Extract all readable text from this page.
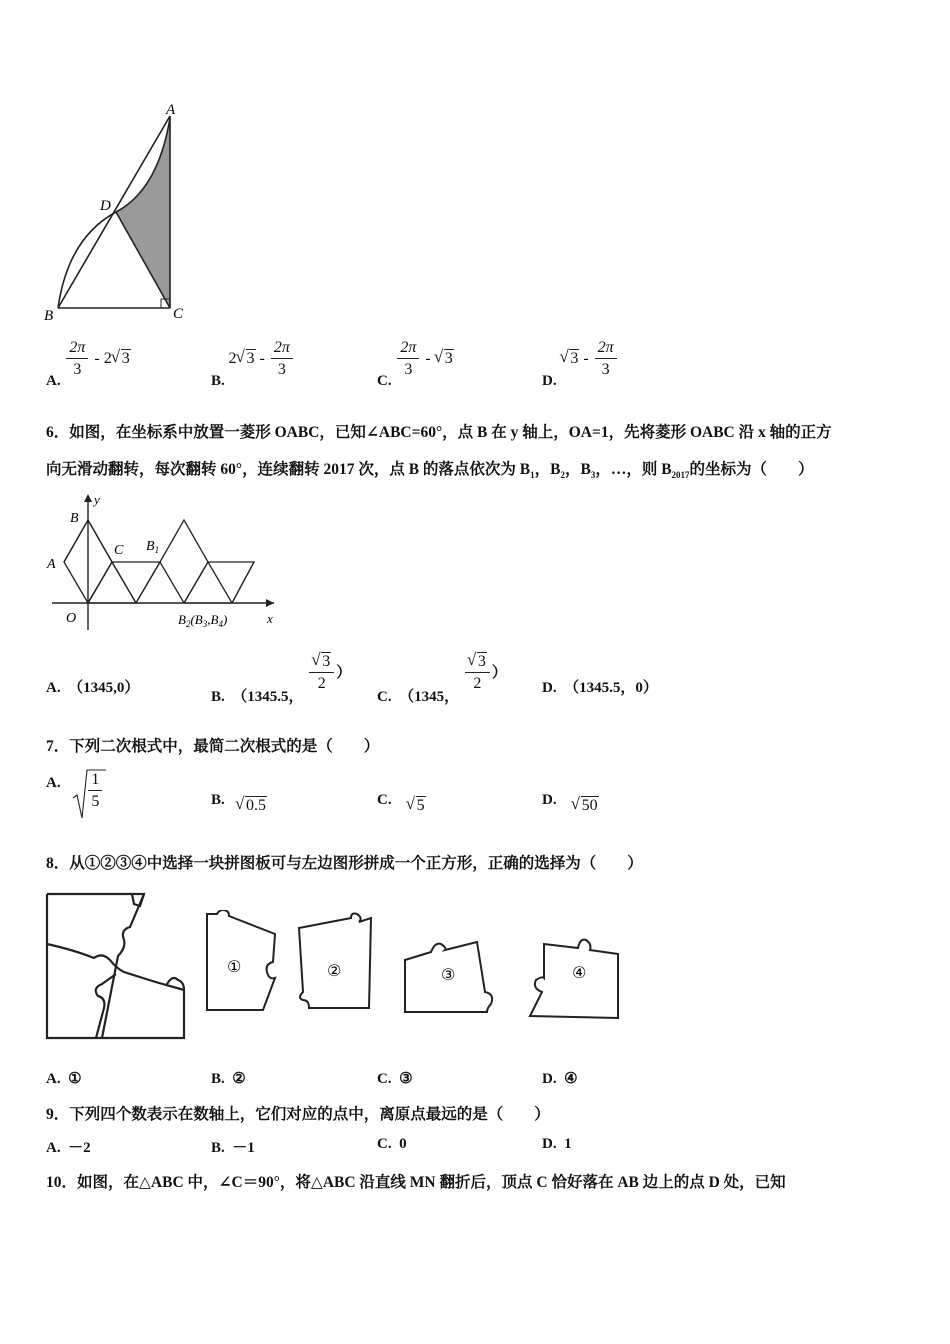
A
D
B	C
A.
$\frac{2\pi}{3} - 2√$ 3
B. 2√ $3 - \frac{2\pi}{3}$
C.
$\frac{2\pi}{3}$ - √ 3
D. √ $3 - \frac{2\pi}{3}$
6．如图，在坐标系中放置一菱形 OABC，已知∠ABC=60°，点 B 在 y 轴上，OA=1，先将菱形 OABC 沿 x 轴的正方
向无滑动翻转，每次翻转 60°，连续翻转 2017 次，点 B 的落点依次为 $B_1$，$B_2$，$B_3$，…，则 $B_{2017}$的坐标为（　　）
y
B
A
C $B_1$
O	$B_2(B_3,B_4)$	x
A. （1345,0）
B. （1345.5，
√ $\frac{3}{2}$ ）
C. （1345，
√ $\frac{3}{2}$ ）
D. （1345.5，0）
7．下列二次根式中，最简二次根式的是（　　）
A. 1
5	B.   √ 0.5	C.    √ 5	D.    √ 50
8．从①②③④中选择一块拼图板可与左边图形拼成一个正方形，正确的选择为（　　）
①	②	③	④
A. ①	B. ②	C. ③	D. ④
9．下列四个数表示在数轴上，它们对应的点中，离原点最远的是（　　）
A. －2	B. －1	C. 0	D. 1
10．如图，在△ABC 中，∠C＝90°，将△ABC 沿直线 MN 翻折后，顶点 C 恰好落在 AB 边上的点 D 处，已知
